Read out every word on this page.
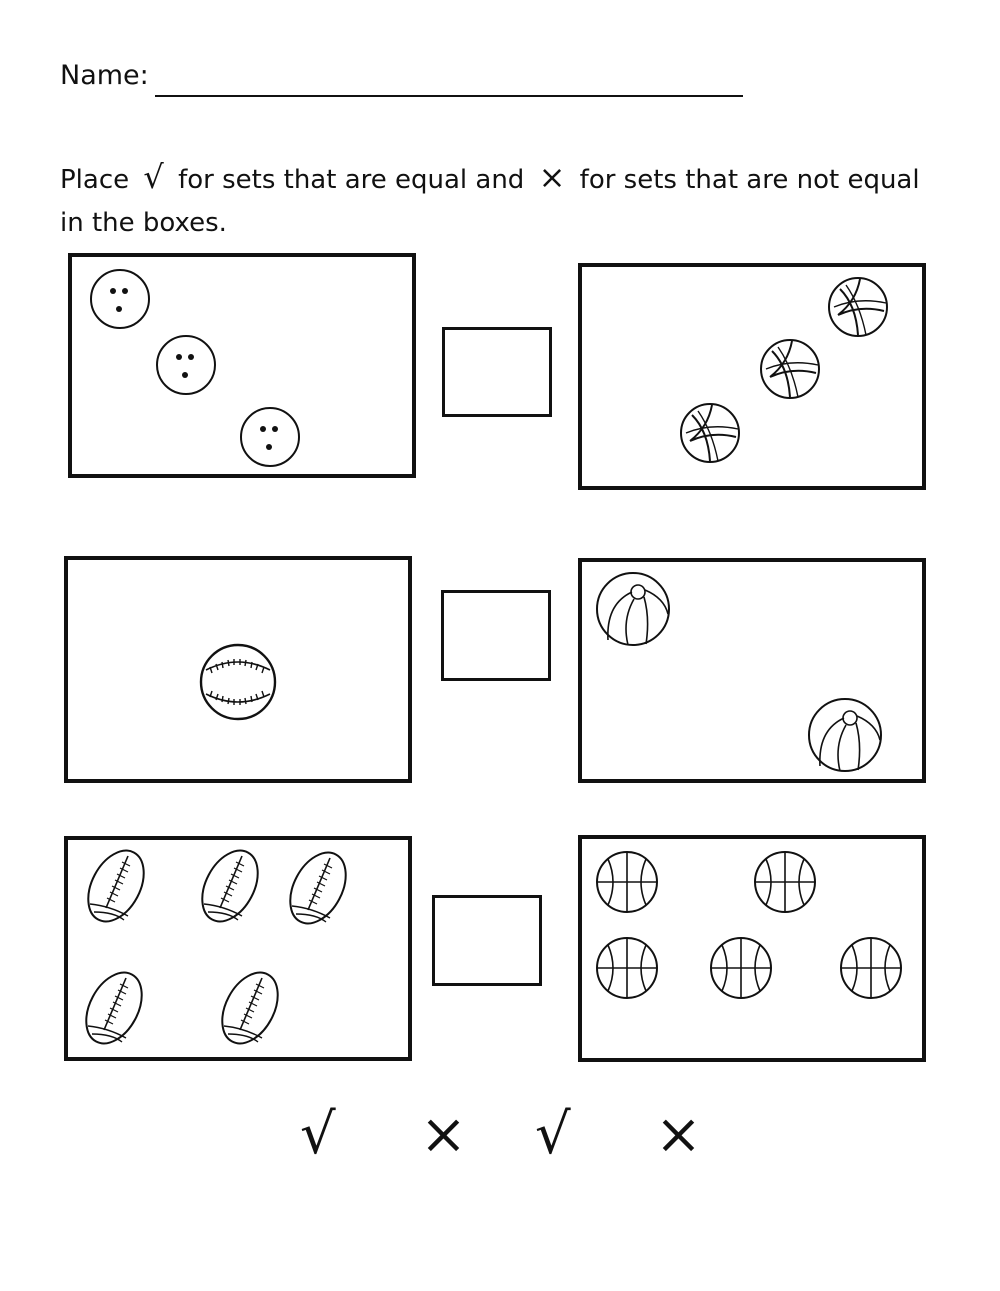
Name:
Place √ for sets that are equal and × for sets that are not equal in the boxes.
√ × √ ×
